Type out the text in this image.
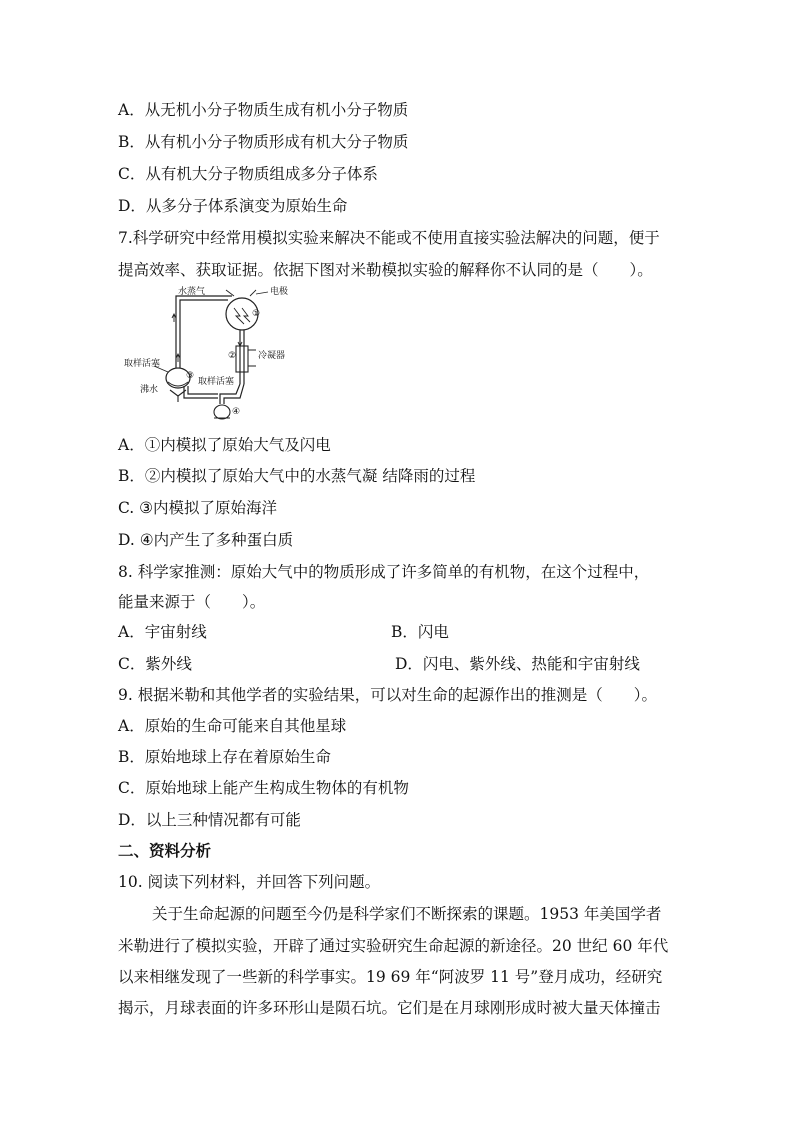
A．从无机小分子物质生成有机小分子物质
B．从有机小分子物质形成有机大分子物质
C．从有机大分子物质组成多分子体系
D．从多分子体系演变为原始生命
7.科学研究中经常用模拟实验来解决不能或不使用直接实验法解决的问题，便于
提高效率、获取证据。依据下图对米勒模拟实验的解释你不认同的是（　　）。
水蒸气	电极
①
② 冷凝器
取样活塞
③
取样活塞
沸水
④
A．①内模拟了原始大气及闪电
B．②内模拟了原始大气中的水蒸气凝 结降雨的过程
C. ③内模拟了原始海洋
D. ④内产生了多种蛋白质
8. 科学家推测：原始大气中的物质形成了许多简单的有机物，在这个过程中，
能量来源于（　　）。
A．宇宙射线	B．闪电
C．紫外线	D．闪电、紫外线、热能和宇宙射线
9. 根据米勒和其他学者的实验结果，可以对生命的起源作出的推测是（　　）。
A．原始的生命可能来自其他星球
B．原始地球上存在着原始生命
C．原始地球上能产生构成生物体的有机物
D．以上三种情况都有可能
二、资料分析
10. 阅读下列材料，并回答下列问题。
关于生命起源的问题至今仍是科学家们不断探索的课题。1953 年美国学者
米勒进行了模拟实验，开辟了通过实验研究生命起源的新途径。20 世纪 60 年代
以来相继发现了一些新的科学事实。19 69 年“阿波罗 11 号”登月成功，经研究
揭示，月球表面的许多环形山是陨石坑。它们是在月球刚形成时被大量天体撞击
